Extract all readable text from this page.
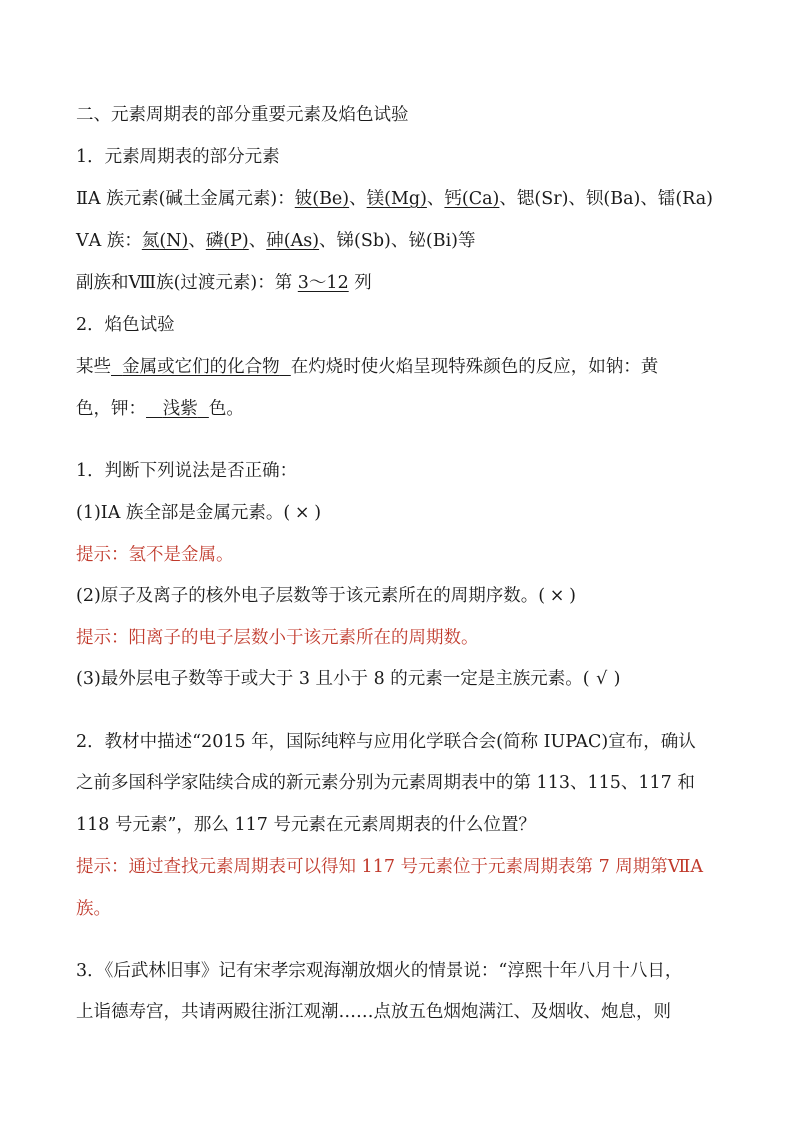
二、元素周期表的部分重要元素及焰色试验
1．元素周期表的部分元素
ⅡA 族元素(碱土金属元素)：铍(Be)、镁(Mg)、钙(Ca)、锶(Sr)、钡(Ba)、镭(Ra)
ⅤA 族：氮(N)、磷(P)、砷(As)、锑(Sb)、铋(Bi)等
副族和Ⅷ族(过渡元素)：第 3～12 列
2．焰色试验
某些 金属或它们的化合物 在灼烧时使火焰呈现特殊颜色的反应，如钠：黄
色，钾： 浅紫 色。
1．判断下列说法是否正确：
(1)ⅠA 族全部是金属元素。( × )
提示：氢不是金属。
(2)原子及离子的核外电子层数等于该元素所在的周期序数。( × )
提示：阳离子的电子层数小于该元素所在的周期数。
(3)最外层电子数等于或大于 3 且小于 8 的元素一定是主族元素。( √ )
2．教材中描述“2015 年，国际纯粹与应用化学联合会(简称 IUPAC)宣布，确认
之前多国科学家陆续合成的新元素分别为元素周期表中的第 113、115、117 和
118 号元素”，那么 117 号元素在元素周期表的什么位置？
提示：通过查找元素周期表可以得知 117 号元素位于元素周期表第 7 周期第ⅦA
族。
3．《后武林旧事》记有宋孝宗观海潮放烟火的情景说：“淳熙十年八月十八日，
上诣德寿宫，共请两殿往浙江观潮……点放五色烟炮满江、及烟收、炮息，则
